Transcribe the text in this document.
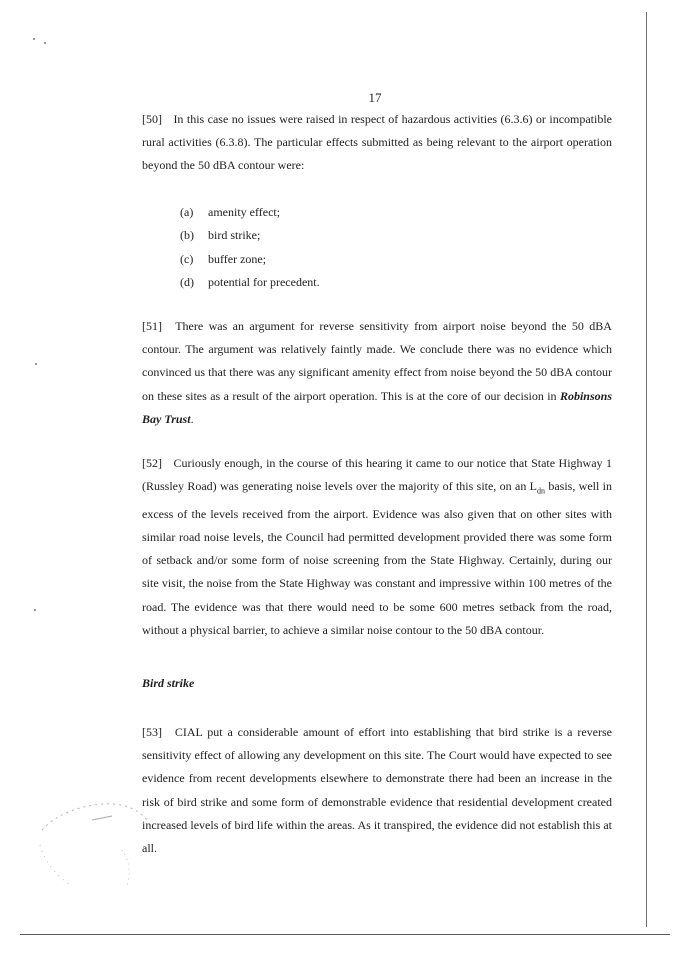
17

[50] In this case no issues were raised in respect of hazardous activities (6.3.6) or incompatible rural activities (6.3.8). The particular effects submitted as being relevant to the airport operation beyond the 50 dBA contour were:

(a) amenity effect;
(b) bird strike;
(c) buffer zone;
(d) potential for precedent.

[51] There was an argument for reverse sensitivity from airport noise beyond the 50 dBA contour. The argument was relatively faintly made. We conclude there was no evidence which convinced us that there was any significant amenity effect from noise beyond the 50 dBA contour on these sites as a result of the airport operation. This is at the core of our decision in Robinsons Bay Trust.

[52] Curiously enough, in the course of this hearing it came to our notice that State Highway 1 (Russley Road) was generating noise levels over the majority of this site, on an $L_{dn}$ basis, well in excess of the levels received from the airport. Evidence was also given that on other sites with similar road noise levels, the Council had permitted development provided there was some form of setback and/or some form of noise screening from the State Highway. Certainly, during our site visit, the noise from the State Highway was constant and impressive within 100 metres of the road. The evidence was that there would need to be some 600 metres setback from the road, without a physical barrier, to achieve a similar noise contour to the 50 dBA contour.

Bird strike

[53] CIAL put a considerable amount of effort into establishing that bird strike is a reverse sensitivity effect of allowing any development on this site. The Court would have expected to see evidence from recent developments elsewhere to demonstrate there had been an increase in the risk of bird strike and some form of demonstrable evidence that residential development created increased levels of bird life within the areas. As it transpired, the evidence did not establish this at all.
